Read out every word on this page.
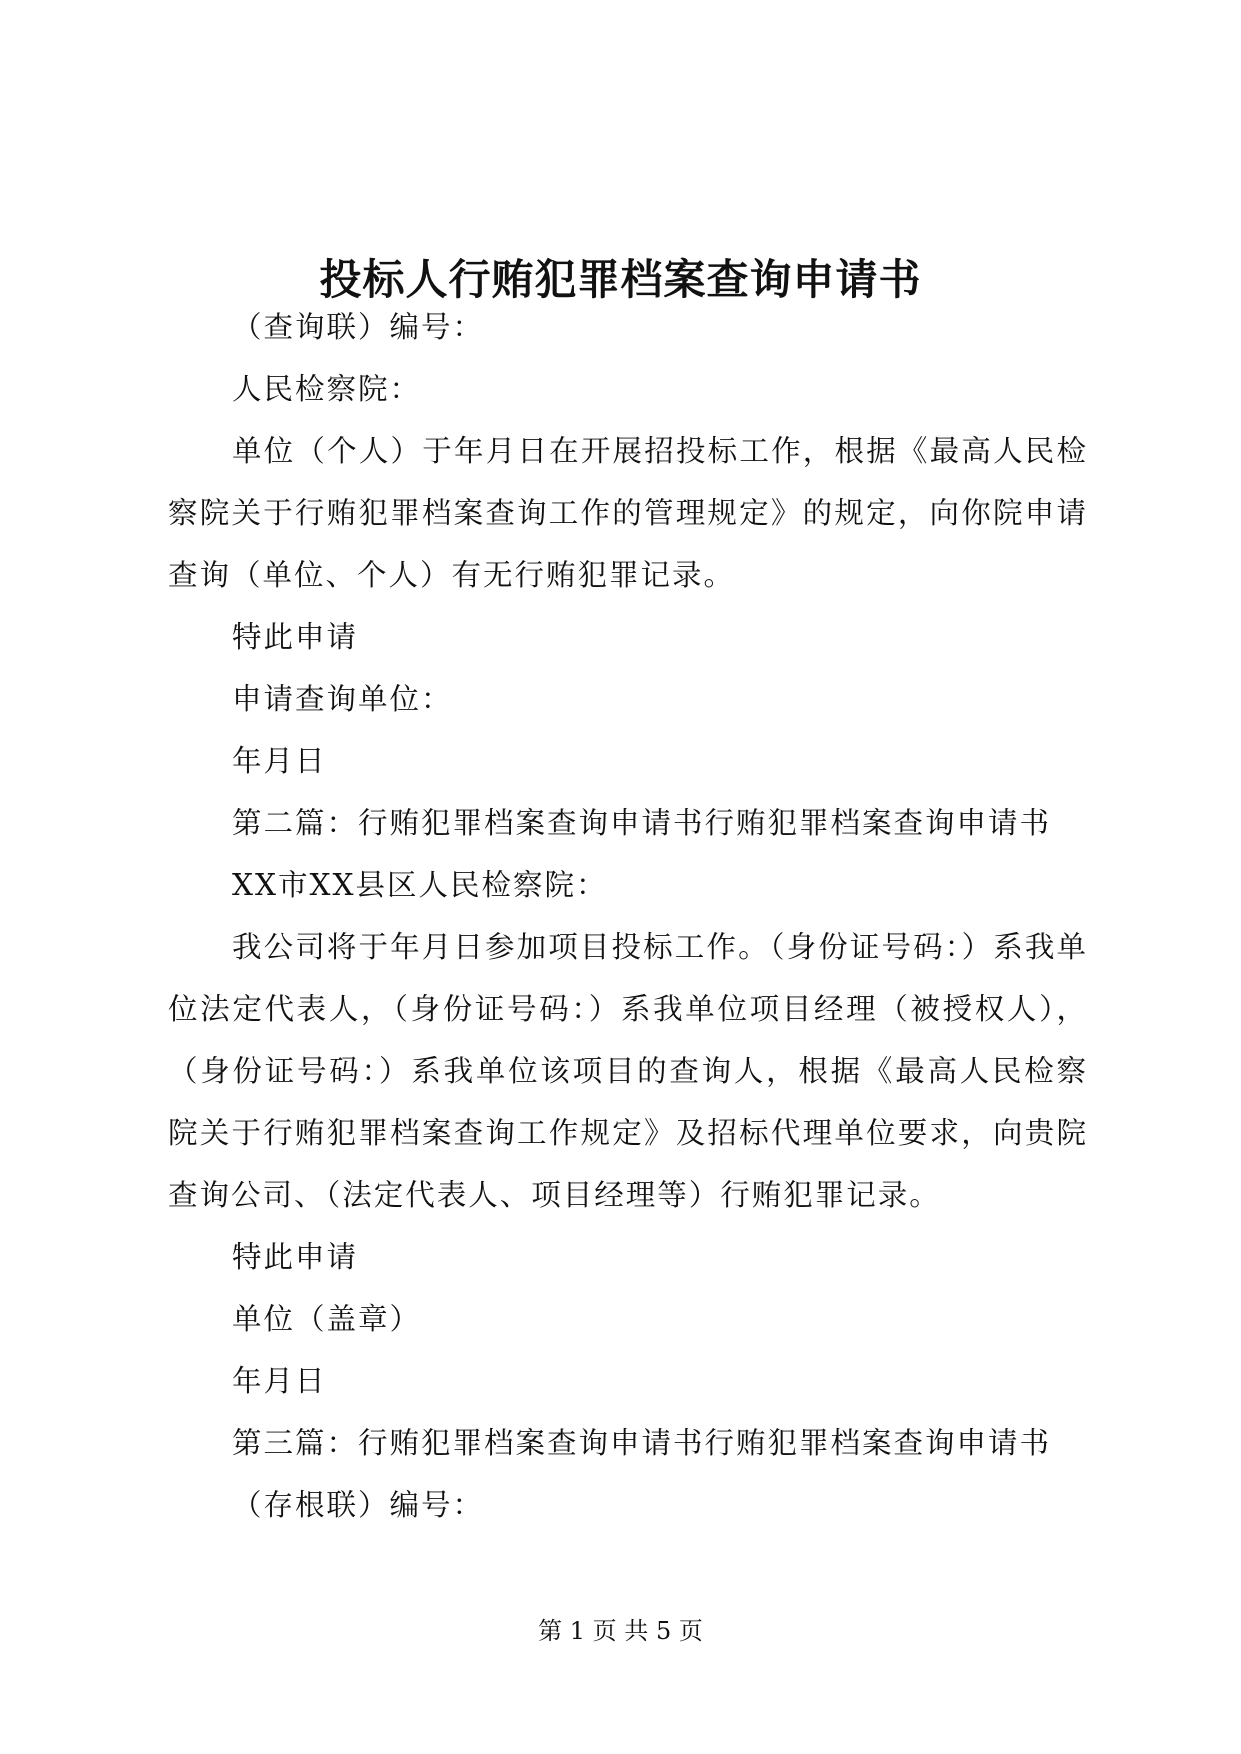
投标人行贿犯罪档案查询申请书

（查询联）编号：

人民检察院：

单位（个人）于年月日在开展招投标工作，根据《最高人民检察院关于行贿犯罪档案查询工作的管理规定》的规定，向你院申请查询（单位、个人）有无行贿犯罪记录。

特此申请

申请查询单位：

年月日

第二篇：行贿犯罪档案查询申请书行贿犯罪档案查询申请书

XX市XX县区人民检察院：

我公司将于年月日参加项目投标工作。（身份证号码：）系我单位法定代表人，（身份证号码：）系我单位项目经理（被授权人），（身份证号码：）系我单位该项目的查询人，根据《最高人民检察院关于行贿犯罪档案查询工作规定》及招标代理单位要求，向贵院查询公司、（法定代表人、项目经理等）行贿犯罪记录。

特此申请

单位（盖章）

年月日

第三篇：行贿犯罪档案查询申请书行贿犯罪档案查询申请书

（存根联）编号：

第 1 页 共 5 页
